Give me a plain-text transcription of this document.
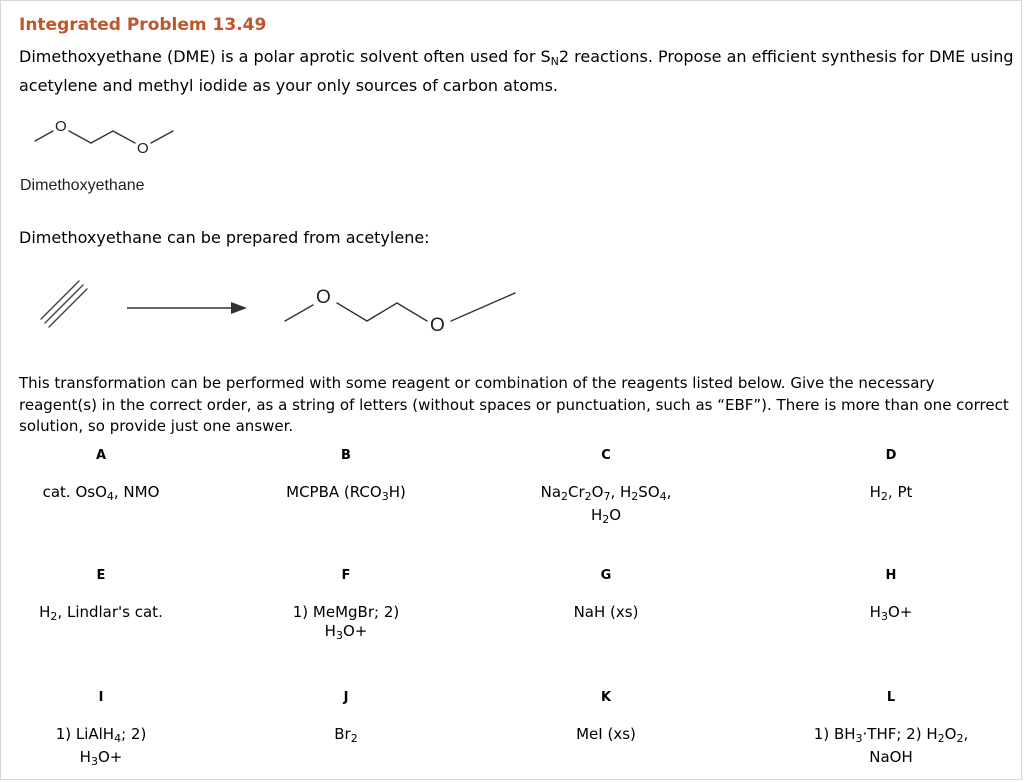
Integrated Problem 13.49
Dimethoxyethane (DME) is a polar aprotic solvent often used for $S_N2$ reactions. Propose an efficient synthesis for DME using acetylene and methyl iodide as your only sources of carbon atoms.
O
O
Dimethoxyethane
Dimethoxyethane can be prepared from acetylene:
O
O
This transformation can be performed with some reagent or combination of the reagents listed below. Give the necessary reagent(s) in the correct order, as a string of letters (without spaces or punctuation, such as “EBF”). There is more than one correct solution, so provide just one answer.
A
cat. OsO$_4$, NMO
B
MCPBA $(RCO_3H)$
C
$Na_2Cr_2O_7$, $H_2SO_4$,
$H_2O$
D
$H_2$, Pt
E
$H_2$, Lindlar's cat.
F
1) MeMgBr; 2)
$H_3O+$
G
NaH (xs)
H
$H_3O+$
I
1) LiAlH$_4$; 2)
$H_3O+$
J
$Br_2$
K
MeI (xs)
L
1) $BH_3\cdot THF$; 2) $H_2O_2$,
NaOH
